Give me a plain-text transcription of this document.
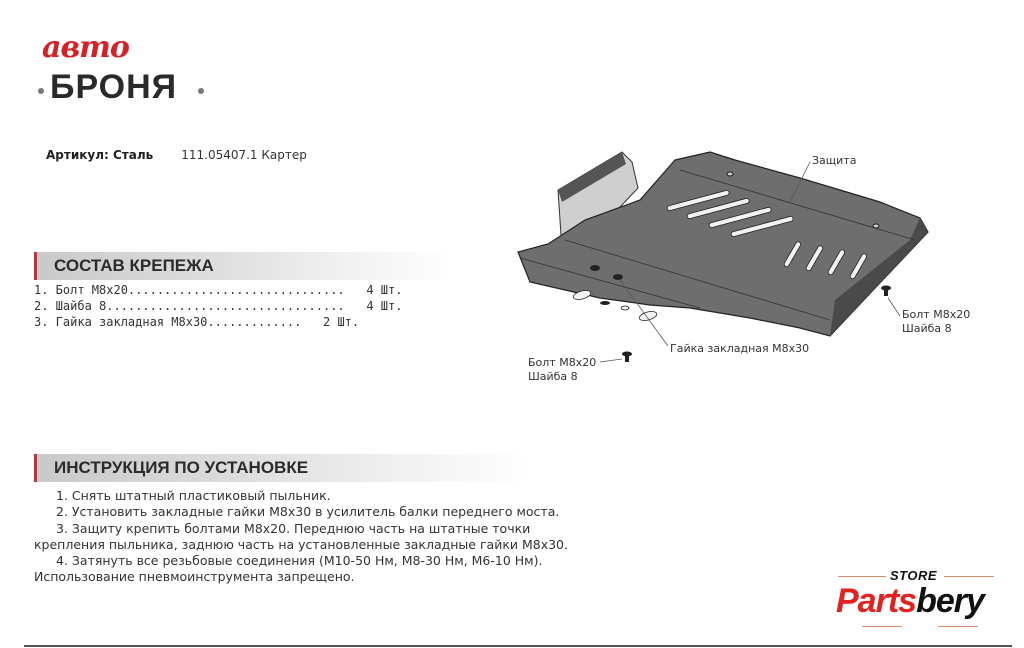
авто
БРОНЯ
Артикул: Сталь 111.05407.1 Картер
СОСТАВ КРЕПЕЖА
1. Болт М8х20.............................. 4 Шт.
2. Шайба 8................................. 4 Шт.
3. Гайка закладная М8х30............. 2 Шт.
Защита
Гайка закладная М8х30
Болт М8х20
Шайба 8
Болт М8х20
Шайба 8
ИНСТРУКЦИЯ ПО УСТАНОВКЕ

1. Снять штатный пластиковый пыльник.

2. Установить закладные гайки М8х30 в усилитель балки переднего моста.

3. Защиту крепить болтами М8х20. Переднюю часть на штатные точки крепления пыльника, заднюю часть на установленные закладные гайки М8х30.

4. Затянуть все резьбовые соединения (М10-50 Нм, М8-30 Нм, М6-10 Нм). Использование пневмоинструмента запрещено.	STORE
Partsbery
